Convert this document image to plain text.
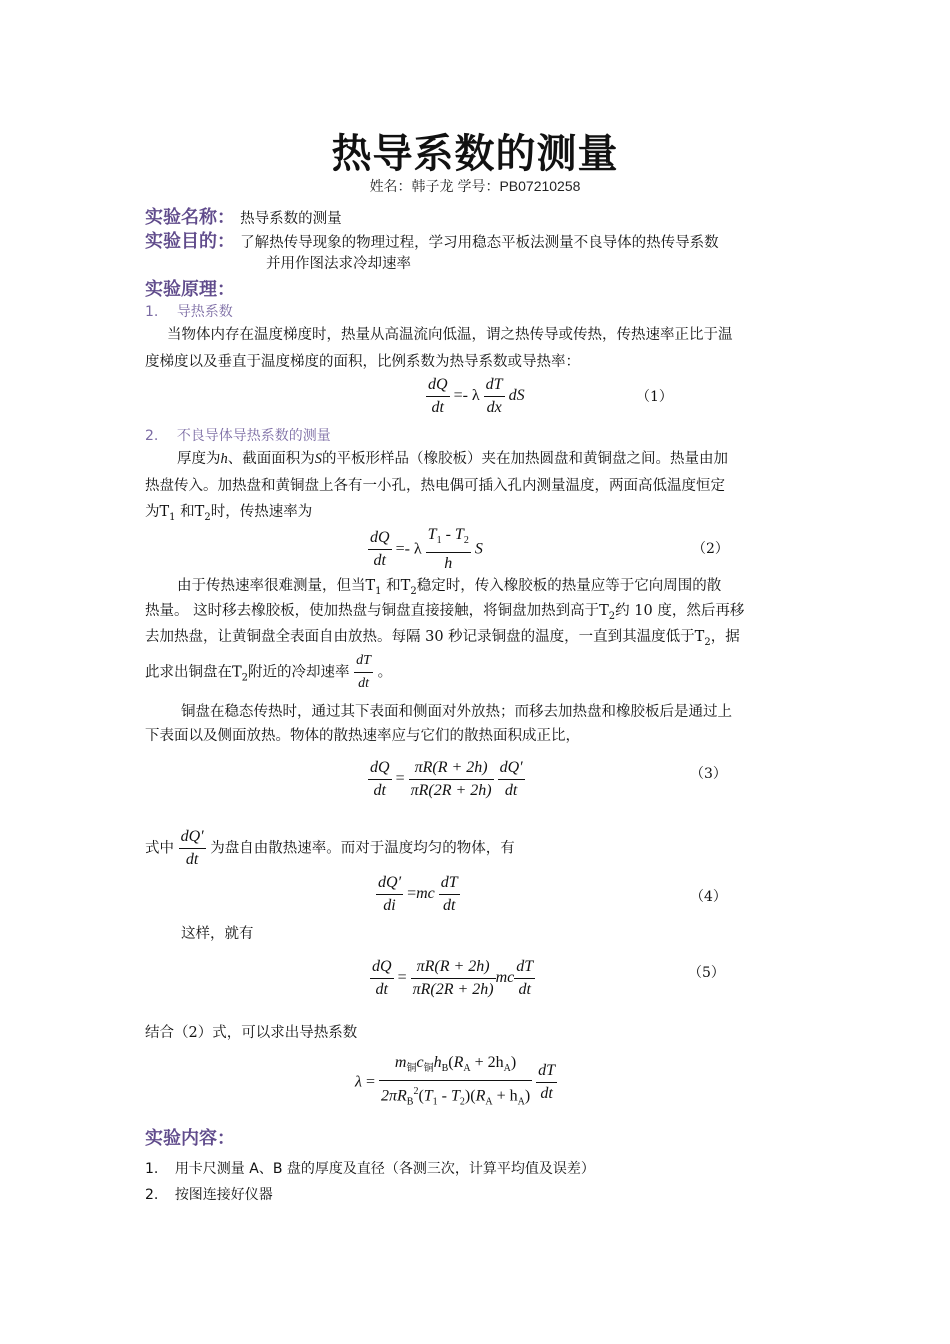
热导系数的测量
姓名：韩子龙 学号：PB07210258
实验名称： 热导系数的测量
实验目的： 了解热传导现象的物理过程，学习用稳态平板法测量不良导体的热传导系数
并用作图法求冷却速率
实验原理：
1. 导热系数
当物体内存在温度梯度时，热量从高温流向低温，谓之热传导或传热，传热速率正比于温
度梯度以及垂直于温度梯度的面积，比例系数为热导系数或导热率：
$\frac{dQ}{dt} =- \lambda \frac{dT}{dx}$ dS	（1）
2. 不良导体导热系数的测量
厚度为h、截面面积为S的平板形样品（橡胶板）夹在加热圆盘和黄铜盘之间。热量由加
热盘传入。加热盘和黄铜盘上各有一小孔，热电偶可插入孔内测量温度，两面高低温度恒定
为$T_1$ 和$T_2$时，传热速率为
$\frac{dQ}{dt} =- \lambda \frac{T_1 - T_2}{h}$ S	（2）
由于传热速率很难测量，但当$T_1$ 和$T_2$稳定时，传入橡胶板的热量应等于它向周围的散
热量。 这时移去橡胶板，使加热盘与铜盘直接接触，将铜盘加热到高于$T_2$约 10 度，然后再移
去加热盘，让黄铜盘全表面自由放热。每隔 30 秒记录铜盘的温度，一直到其温度低于$T_2$，据
此求出铜盘在$T_2$附近的冷却速率 $\frac{dT}{dt}$ 。
铜盘在稳态传热时，通过其下表面和侧面对外放热；而移去加热盘和橡胶板后是通过上
下表面以及侧面放热。物体的散热速率应与它们的散热面积成正比，
$\frac{dQ}{dt} = \frac{\pi R(R + 2h)}{\pi R(2R + 2h)}$
$\frac{dQ'}{dt}$	（3）
式中 $\frac{dQ'}{dt}$ 为盘自由散热速率。而对于温度均匀的物体，有
$\frac{dQ'}{di} =mc \frac{dT}{dt}$	（4）
这样，就有
$\frac{dQ}{dt} = \frac{\pi R(R + 2h)}{\pi R(2R + 2h)}$ mc $\frac{dT}{dt}$	（5）
结合（2）式，可以求出导热系数
$\lambda = \frac{m_铜c_铜h_B(R_A + 2h_A)}{2\pi R_B^2(T_1 - T_2)(R_A + h_A)}$
$\frac{dT}{dt}$
实验内容：
1. 用卡尺测量 A、B 盘的厚度及直径（各测三次，计算平均值及误差）
2. 按图连接好仪器
